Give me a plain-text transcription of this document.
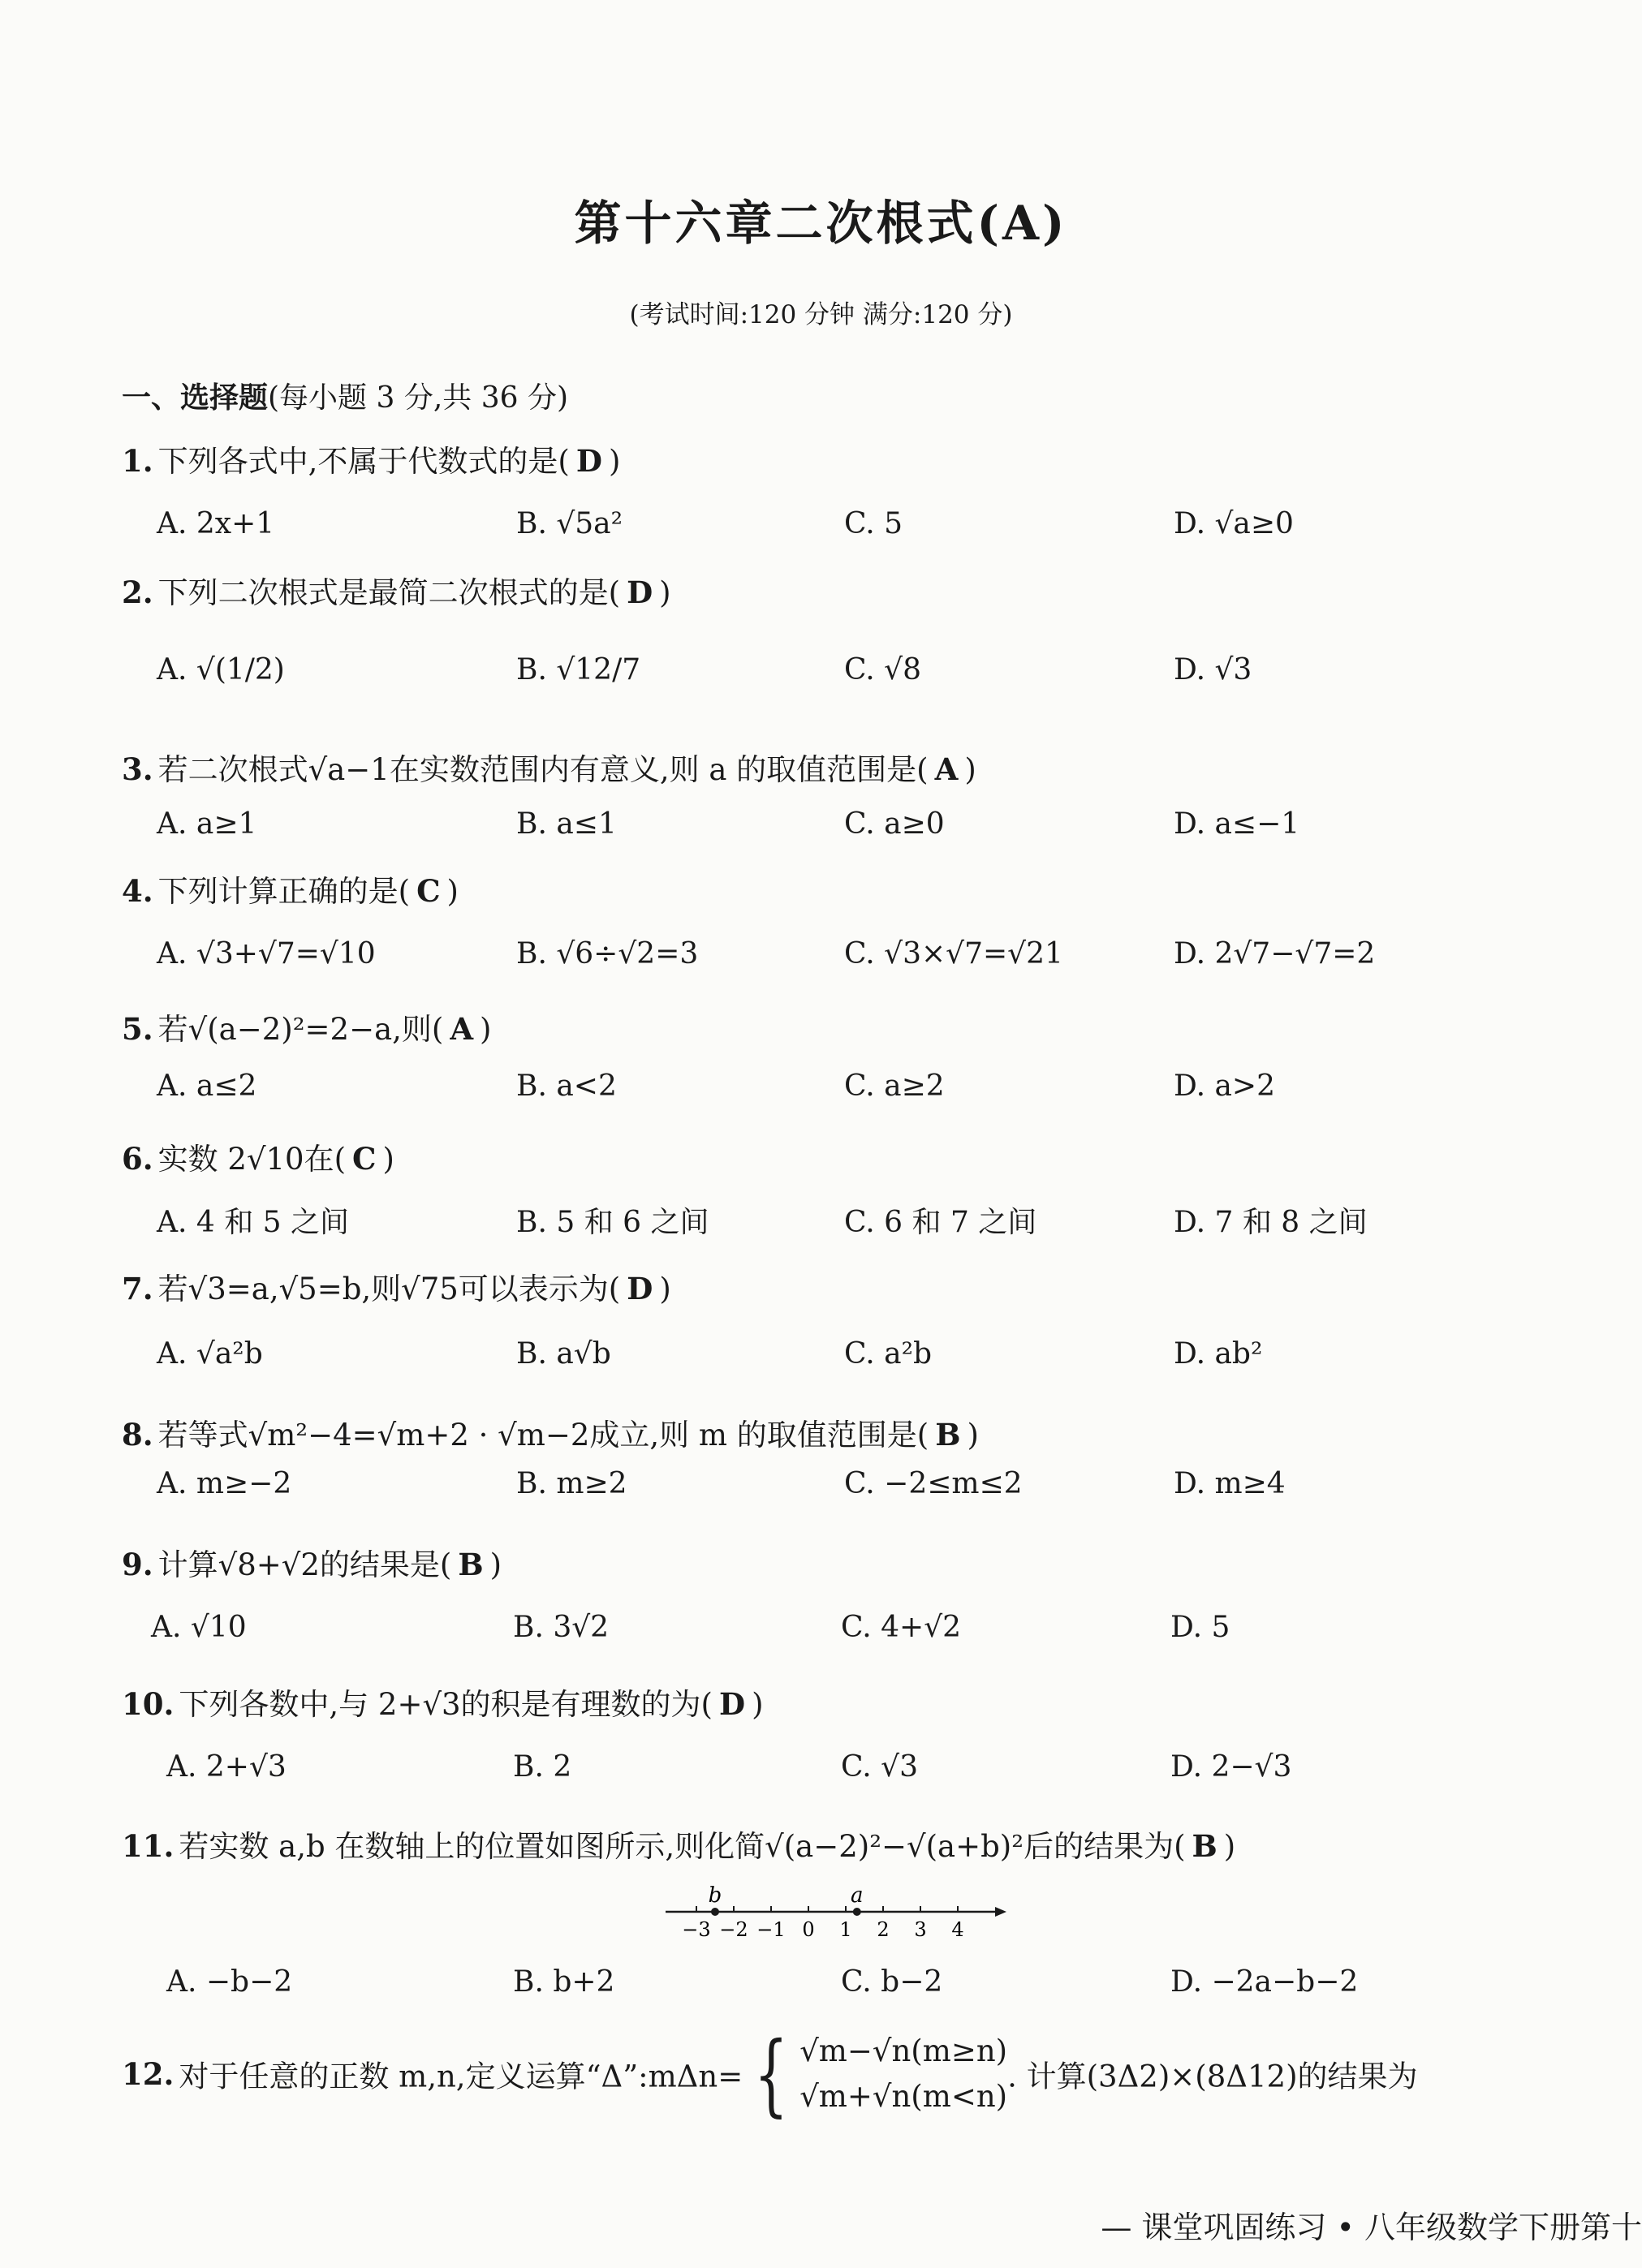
第十六章二次根式(A)
(考试时间:120 分钟 满分:120 分)
一、选择题(每小题 3 分,共 36 分)
1. 下列各式中,不属于代数式的是( D )
A. 2x+1	B. √5a²	C. 5	D. √a≥0
2. 下列二次根式是最简二次根式的是( D )
A. √(1/2)	B. √12/7	C. √8	D. √3
3. 若二次根式√a−1在实数范围内有意义,则 a 的取值范围是( A )
A. a≥1	B. a≤1	C. a≥0	D. a≤−1
4. 下列计算正确的是( C )
A. √3+√7=√10	B. √6÷√2=3	C. √3×√7=√21	D. 2√7−√7=2
5. 若√(a−2)²=2−a,则( A )
A. a≤2	B. a<2	C. a≥2	D. a>2
6. 实数 2√10在( C )
A. 4 和 5 之间	B. 5 和 6 之间	C. 6 和 7 之间	D. 7 和 8 之间
7. 若√3=a,√5=b,则√75可以表示为( D )
A. √a²b	B. a√b	C. a²b	D. ab²
8. 若等式√m²−4=√m+2 · √m−2成立,则 m 的取值范围是( B )
A. m≥−2	B. m≥2	C. −2≤m≤2	D. m≥4
9. 计算√8+√2的结果是( B )
A. √10	B. 3√2	C. 4+√2	D. 5
10. 下列各数中,与 2+√3的积是有理数的为( D )
A. 2+√3	B. 2	C. √3	D. 2−√3
11. 若实数 a,b 在数轴上的位置如图所示,则化简√(a−2)²−√(a+b)²后的结果为( B )
−3 −2 −1 0 1 2 3 4
b	a
A. −b−2	B. b+2	C. b−2	D. −2a−b−2
12. 对于任意的正数 m,n,定义运算“Δ”:mΔn= { √m−√n(m≥n)
√m+√n(m<n)
. 计算(3Δ2)×(8Δ12)的结果为
— 课堂巩固练习 • 八年级数学下册第十
